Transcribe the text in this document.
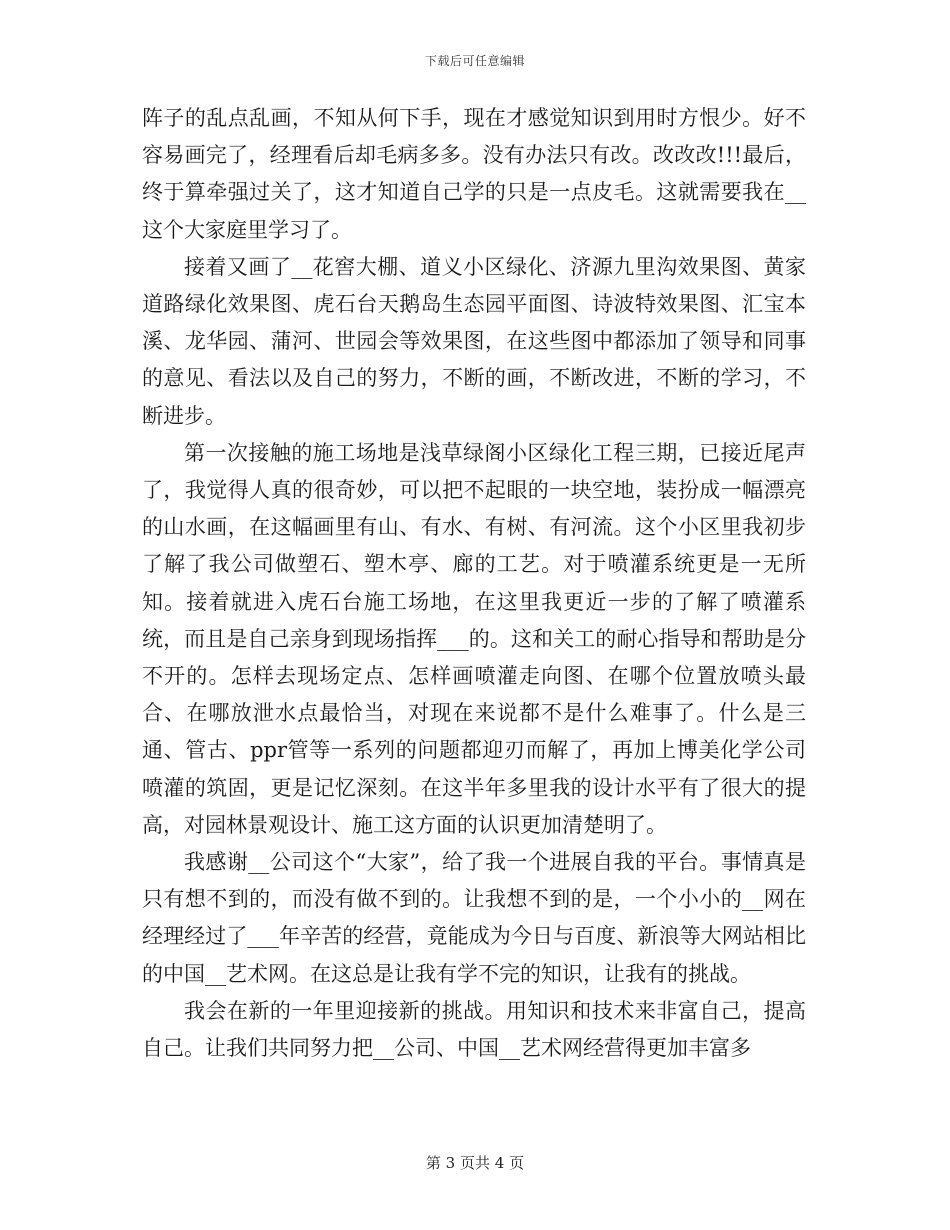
下载后可任意编辑

阵子的乱点乱画，不知从何下手，现在才感觉知识到用时方恨少。好不容易画完了，经理看后却毛病多多。没有办法只有改。改改改!!!最后，终于算牵强过关了，这才知道自己学的只是一点皮毛。这就需要我在__这个大家庭里学习了。

接着又画了__花窖大棚、道义小区绿化、济源九里沟效果图、黄家道路绿化效果图、虎石台天鹅岛生态园平面图、诗波特效果图、汇宝本溪、龙华园、蒲河、世园会等效果图，在这些图中都添加了领导和同事的意见、看法以及自己的努力，不断的画，不断改进，不断的学习，不断进步。

第一次接触的施工场地是浅草绿阁小区绿化工程三期，已接近尾声了，我觉得人真的很奇妙，可以把不起眼的一块空地，装扮成一幅漂亮的山水画，在这幅画里有山、有水、有树、有河流。这个小区里我初步了解了我公司做塑石、塑木亭、廊的工艺。对于喷灌系统更是一无所知。接着就进入虎石台施工场地，在这里我更近一步的了解了喷灌系统，而且是自己亲身到现场指挥___的。这和关工的耐心指导和帮助是分不开的。怎样去现场定点、怎样画喷灌走向图、在哪个位置放喷头最合、在哪放泄水点最恰当，对现在来说都不是什么难事了。什么是三通、管古、ppr管等一系列的问题都迎刃而解了，再加上博美化学公司喷灌的筑固，更是记忆深刻。在这半年多里我的设计水平有了很大的提高，对园林景观设计、施工这方面的认识更加清楚明了。

我感谢__公司这个“大家”，给了我一个进展自我的平台。事情真是只有想不到的，而没有做不到的。让我想不到的是，一个小小的__网在经理经过了___年辛苦的经营，竟能成为今日与百度、新浪等大网站相比的中国__艺术网。在这总是让我有学不完的知识，让我有的挑战。

我会在新的一年里迎接新的挑战。用知识和技术来非富自己，提高自己。让我们共同努力把__公司、中国__艺术网经营得更加丰富多

第 3 页共 4 页
